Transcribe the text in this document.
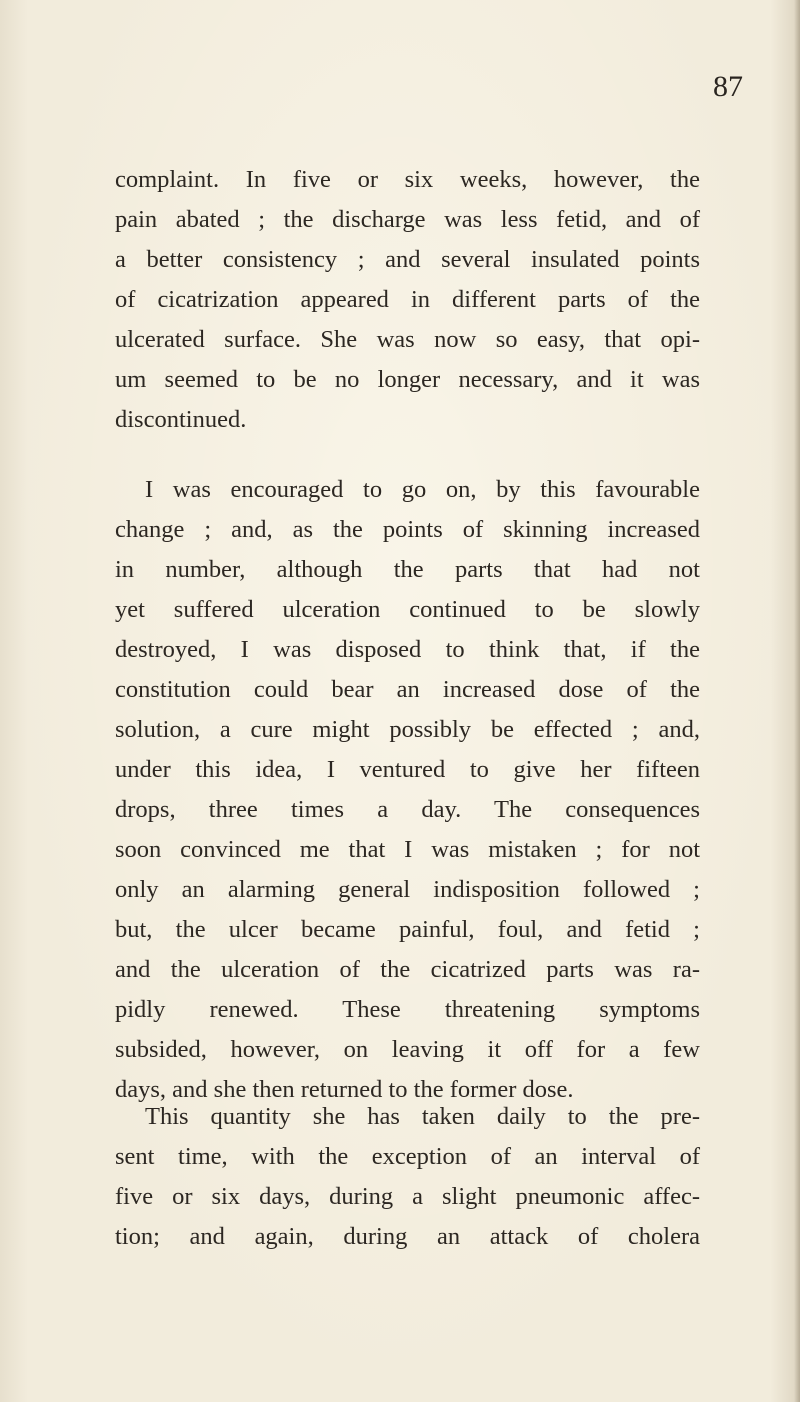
87

complaint. In five or six weeks, however, the
pain abated ; the discharge was less fetid, and of
a better consistency ; and several insulated points
of cicatrization appeared in different parts of the
ulcerated surface. She was now so easy, that opi-
um seemed to be no longer necessary, and it was
discontinued.
I was encouraged to go on, by this favourable
change ; and, as the points of skinning increased
in number, although the parts that had not
yet suffered ulceration continued to be slowly
destroyed, I was disposed to think that, if the
constitution could bear an increased dose of the
solution, a cure might possibly be effected ; and,
under this idea, I ventured to give her fifteen
drops, three times a day. The consequences
soon convinced me that I was mistaken ; for not
only an alarming general indisposition followed ;
but, the ulcer became painful, foul, and fetid ;
and the ulceration of the cicatrized parts was ra-
pidly renewed. These threatening symptoms
subsided, however, on leaving it off for a few
days, and she then returned to the former dose.
This quantity she has taken daily to the pre-
sent time, with the exception of an interval of
five or six days, during a slight pneumonic affec-
tion; and again, during an attack of cholera
